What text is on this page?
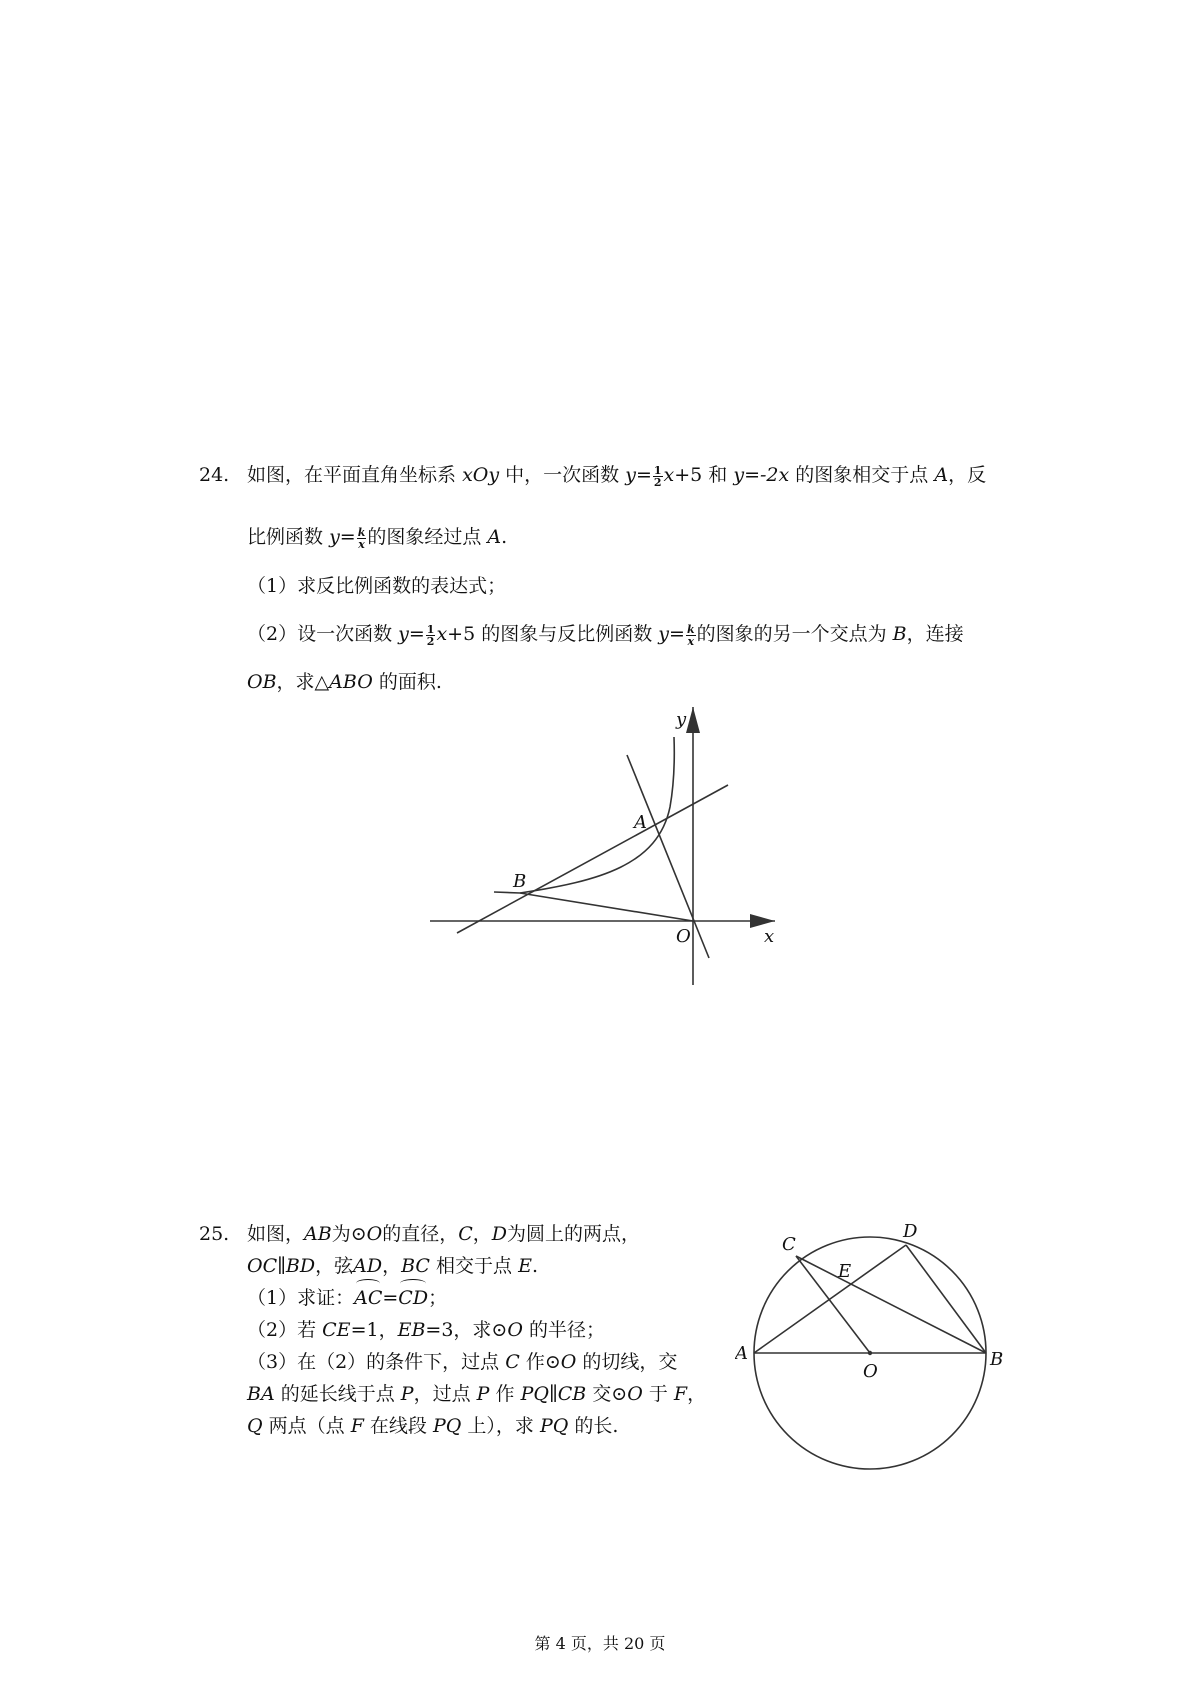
24. 如图，在平面直角坐标系 xOy 中，一次函数 $y= \frac{1}{2} x+5$ 和 y=-2x 的图象相交于点 A，反
比例函数 $y= \frac{k}{x}$ 的图象经过点 A.
（1）求反比例函数的表达式；
（2）设一次函数 $y= \frac{1}{2} x+5$ 的图象与反比例函数 $y= \frac{k}{x}$ 的图象的另一个交点为 B，连接
OB，求△ABO 的面积.
y
x
O
A
B
25. 如图，AB为⊙O的直径，C，D为圆上的两点，
OC∥BD，弦AD，BC 相交于点 E.
（1）求证：AC=CD；
（2）若 CE=1，EB=3，求⊙O 的半径；
（3）在（2）的条件下，过点 C 作⊙O 的切线，交
BA 的延长线于点 P，过点 P 作 PQ∥CB 交⊙O 于 F，
Q 两点（点 F 在线段 PQ 上），求 PQ 的长.
A	B
C
D
E
O
第 4 页，共 20 页
